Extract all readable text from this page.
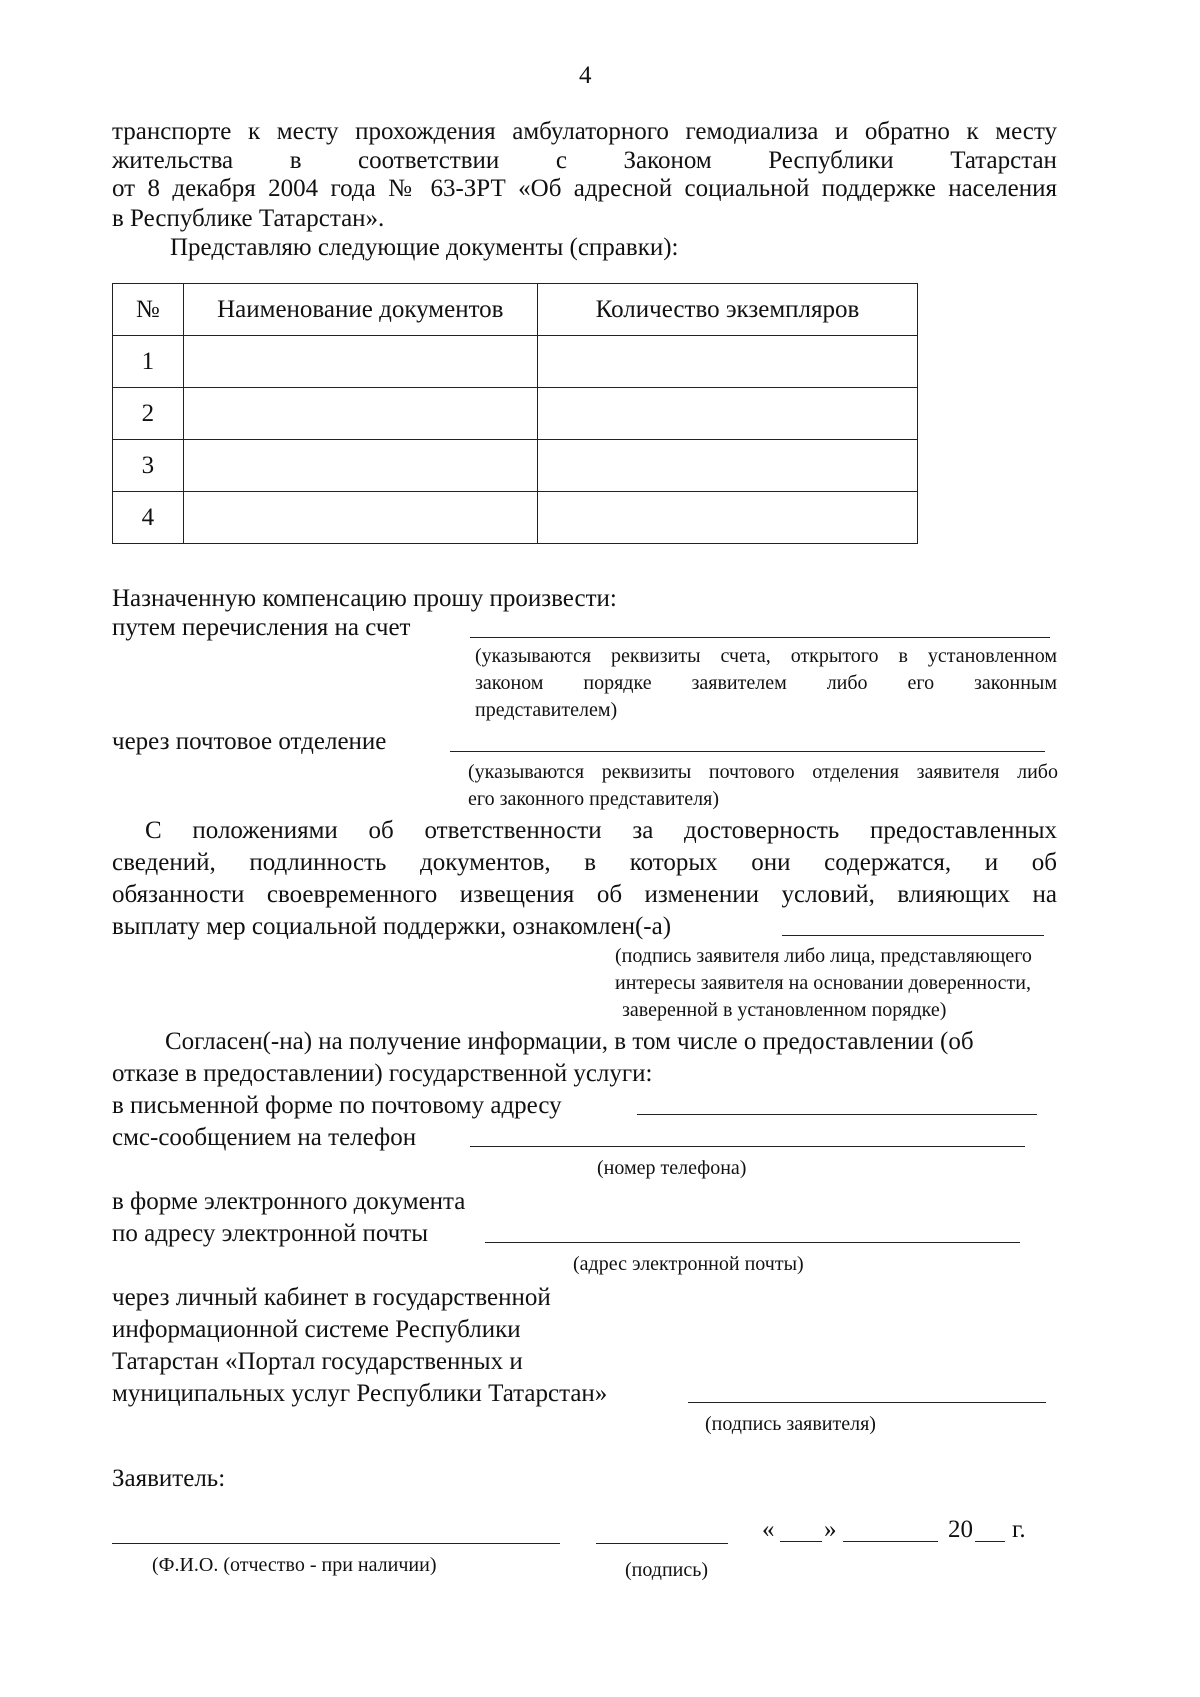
4
транспорте к месту прохождения амбулаторного гемодиализа и обратно к месту
жительства в соответствии с Законом Республики Татарстан
от 8 декабря 2004 года № 63-ЗРТ «Об адресной социальной поддержке населения
в Республике Татарстан».
Представляю следующие документы (справки):
№	Наименование документов	Количество экземпляров
1		
2		
3		
4		
Назначенную компенсацию прошу произвести:
путем перечисления на счет
(указываются реквизиты счета, открытого в установленном
законом порядке заявителем либо его законным
представителем)
через почтовое отделение
(указываются реквизиты почтового отделения заявителя либо
его законного представителя)
С положениями об ответственности за достоверность предоставленных
сведений, подлинность документов, в которых они содержатся, и об
обязанности своевременного извещения об изменении условий, влияющих на
выплату мер социальной поддержки, ознакомлен(-а)
(подпись заявителя либо лица, представляющего
интересы заявителя на основании доверенности,
заверенной в установленном порядке)
Согласен(-на) на получение информации, в том числе о предоставлении (об
отказе в предоставлении) государственной услуги:
в письменной форме по почтовому адресу
смс-сообщением на телефон
(номер телефона)
в форме электронного документа
по адресу электронной почты
(адрес электронной почты)
через личный кабинет в государственной
информационной системе Республики
Татарстан «Портал государственных и
муниципальных услуг Республики Татарстан»
(подпись заявителя)
Заявитель:
« »	20 г.
(Ф.И.О. (отчество - при наличии)	(подпись)
